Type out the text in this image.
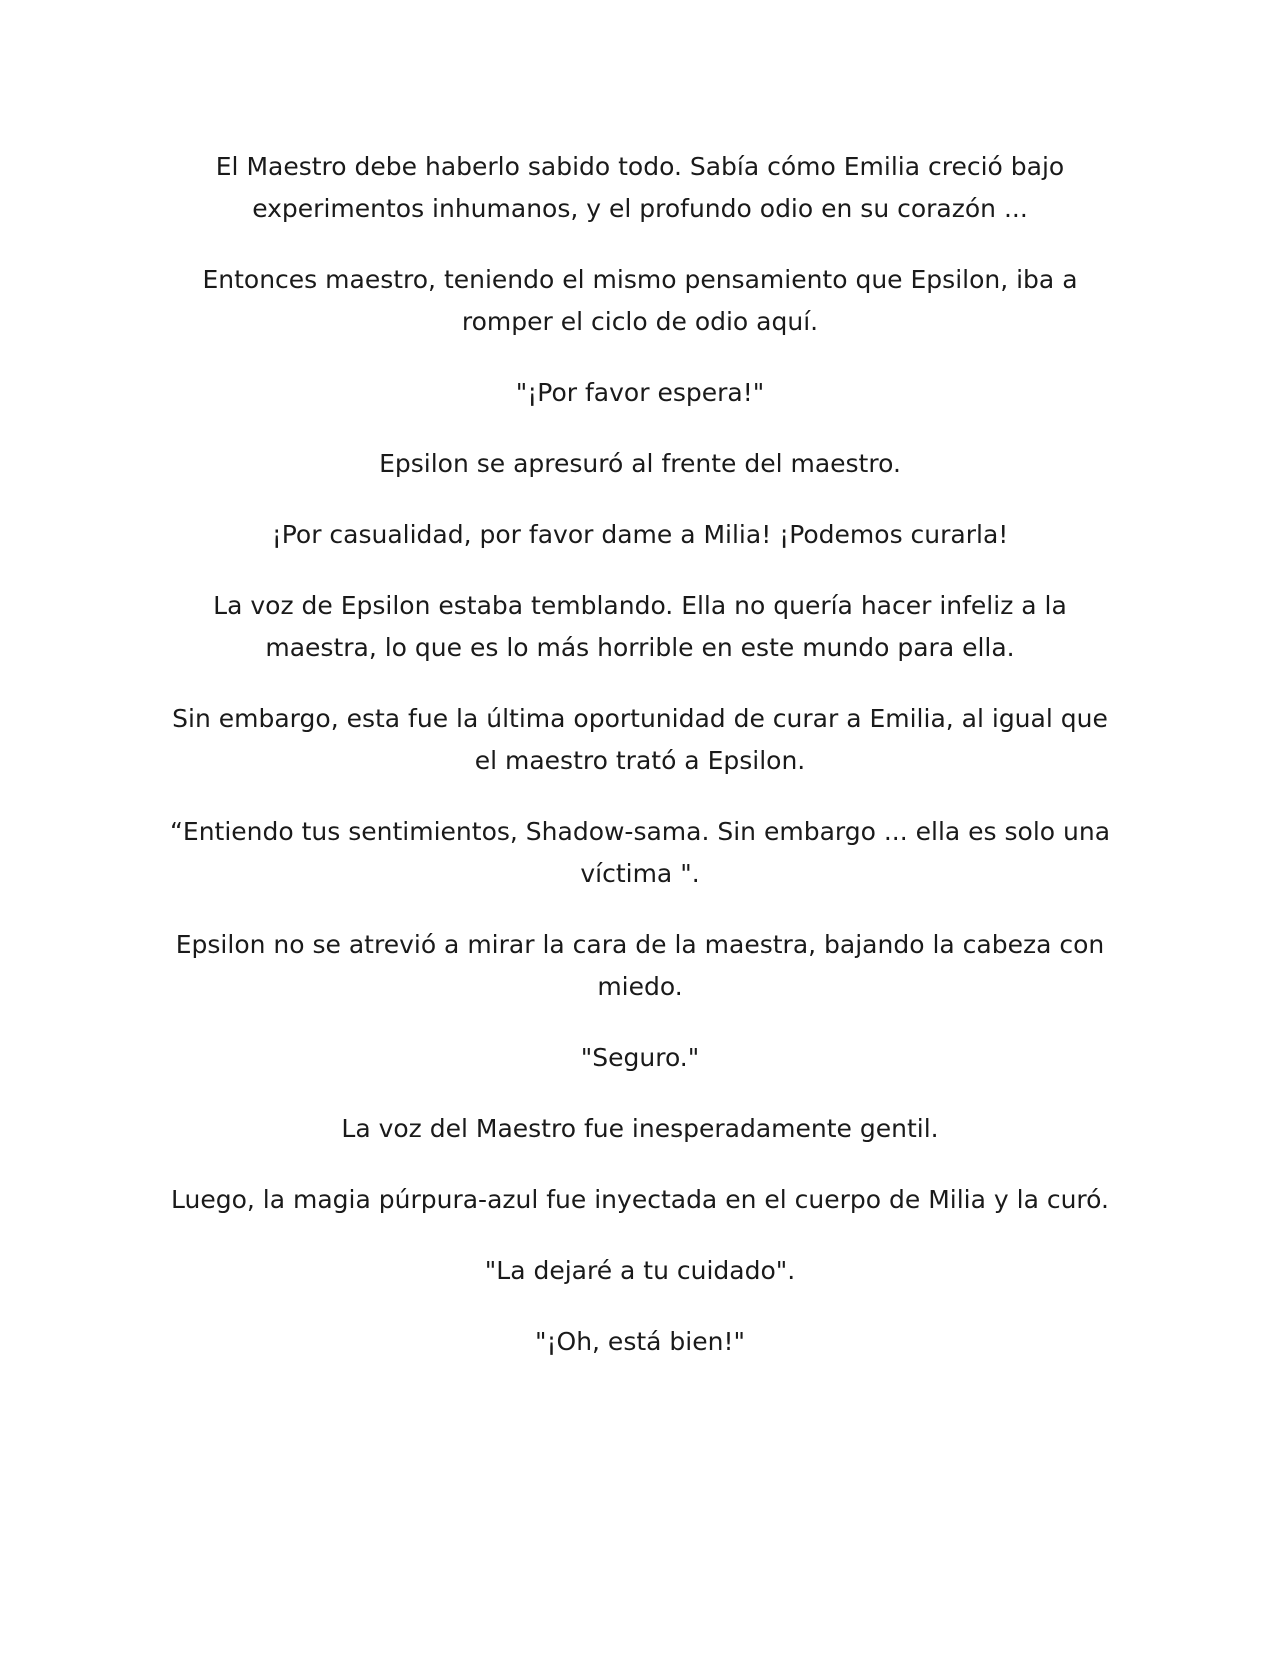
El Maestro debe haberlo sabido todo. Sabía cómo Emilia creció bajo experimentos inhumanos, y el profundo odio en su corazón ...

Entonces maestro, teniendo el mismo pensamiento que Epsilon, iba a romper el ciclo de odio aquí.

"¡Por favor espera!"

Epsilon se apresuró al frente del maestro.

¡Por casualidad, por favor dame a Milia! ¡Podemos curarla!

La voz de Epsilon estaba temblando. Ella no quería hacer infeliz a la maestra, lo que es lo más horrible en este mundo para ella.

Sin embargo, esta fue la última oportunidad de curar a Emilia, al igual que el maestro trató a Epsilon.

“Entiendo tus sentimientos, Shadow-sama. Sin embargo ... ella es solo una víctima ".

Epsilon no se atrevió a mirar la cara de la maestra, bajando la cabeza con miedo.

"Seguro."

La voz del Maestro fue inesperadamente gentil.

Luego, la magia púrpura-azul fue inyectada en el cuerpo de Milia y la curó.

"La dejaré a tu cuidado".

"¡Oh, está bien!"
